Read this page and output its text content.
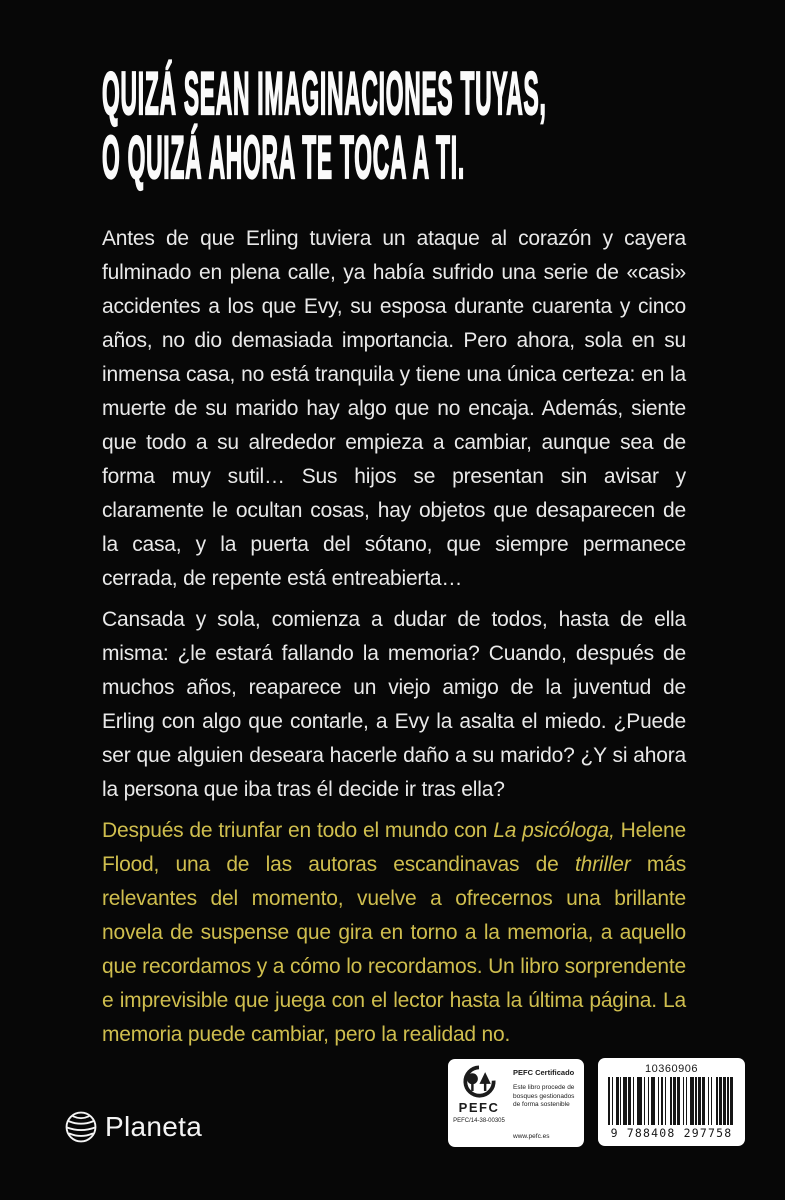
QUIZÁ SEAN IMAGINACIONES TUYAS,
O QUIZÁ AHORA TE TOCA A TI.

Antes de que Erling tuviera un ataque al corazón y cayera fulminado en plena calle, ya había sufrido una serie de «casi» accidentes a los que Evy, su esposa durante cuarenta y cinco años, no dio demasiada importancia. Pero ahora, sola en su inmensa casa, no está tranquila y tiene una única certeza: en la muerte de su marido hay algo que no encaja. Además, siente que todo a su alrededor empieza a cambiar, aunque sea de forma muy sutil… Sus hijos se presentan sin avisar y claramente le ocultan cosas, hay objetos que desaparecen de la casa, y la puerta del sótano, que siempre permanece cerrada, de repente está entreabierta…

Cansada y sola, comienza a dudar de todos, hasta de ella misma: ¿le estará fallando la memoria? Cuando, después de muchos años, reaparece un viejo amigo de la juventud de Erling con algo que contarle, a Evy la asalta el miedo. ¿Puede ser que alguien deseara hacerle daño a su marido? ¿Y si ahora la persona que iba tras él decide ir tras ella?

Después de triunfar en todo el mundo con La psicóloga, Helene Flood, una de las autoras escandinavas de thriller más relevantes del momento, vuelve a ofrecernos una brillante novela de suspense que gira en torno a la memoria, a aquello que recordamos y a cómo lo recordamos. Un libro sorprendente e imprevisible que juega con el lector hasta la última página. La memoria puede cambiar, pero la realidad no.

Planeta
PEFC
PEFC/14-38-00305
PEFC Certificado
Este libro procede de bosques gestionados de forma sostenible
www.pefc.es
10360906
9 788408 297758
